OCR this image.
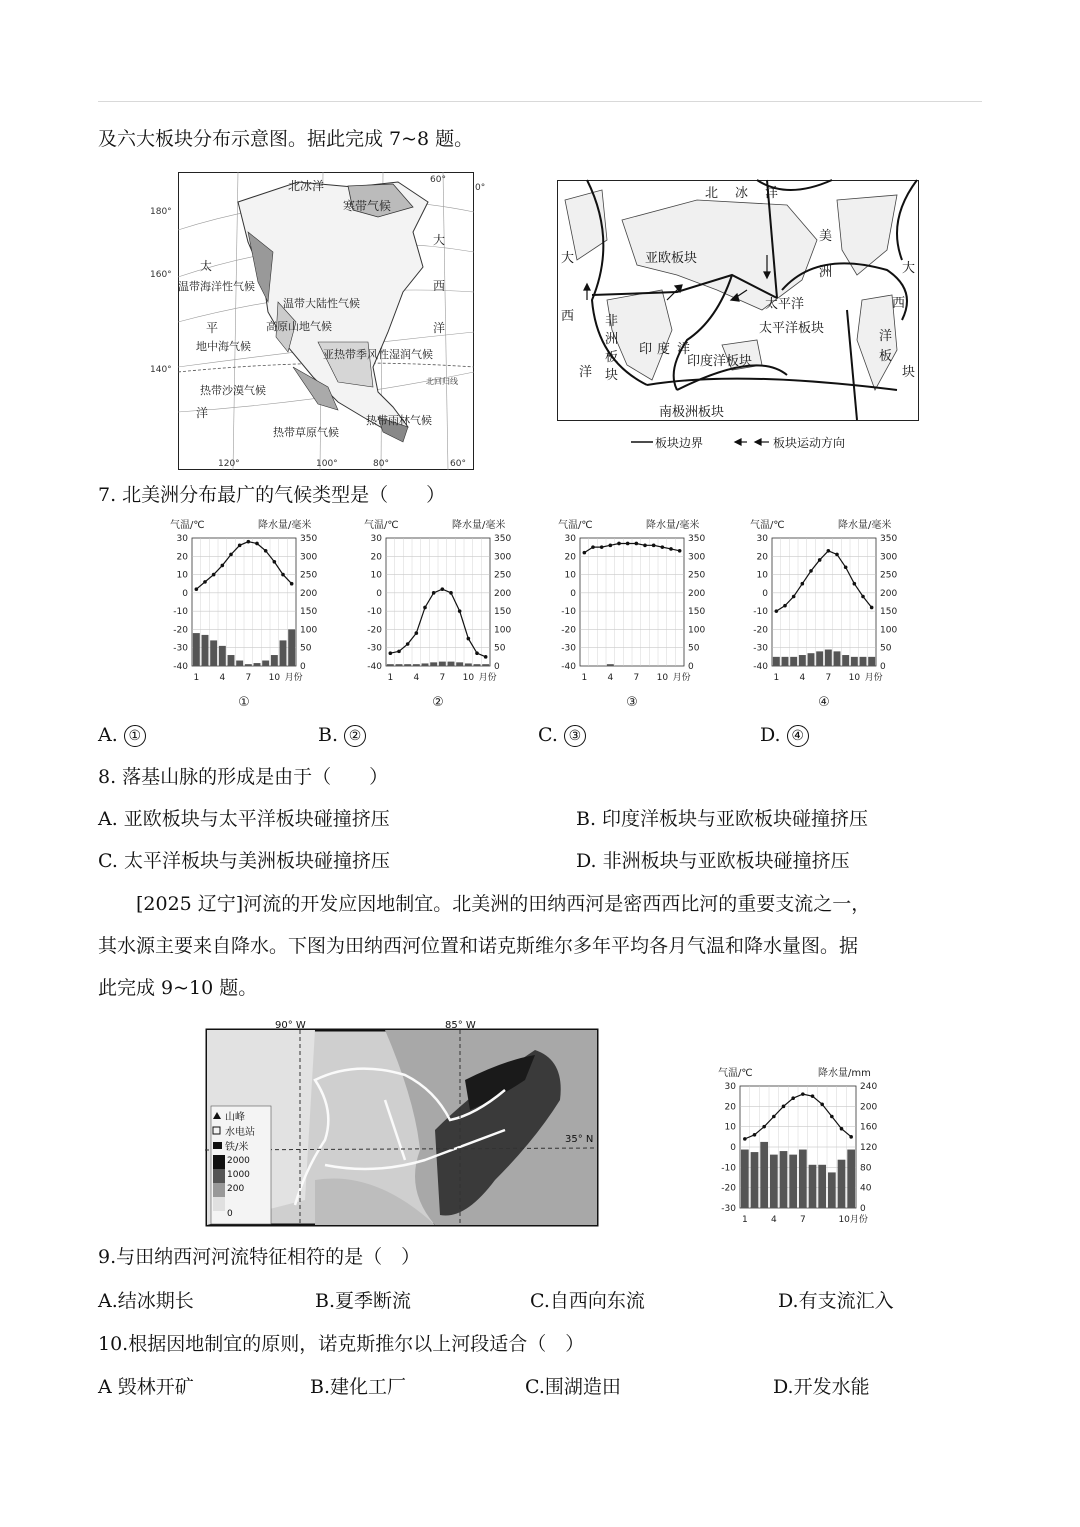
及六大板块分布示意图。据此完成 7~8 题。
60°
0°
180°
160°
140°
120°	100°	80°	60°
北回归线
北冰洋
寒带气候
大
西
洋
太
平
洋
温带海洋性气候
温带大陆性气候
高原山地气候
地中海气候
亚热带季风性湿润气候
热带沙漠气候
热带草原气候
热带雨林气候
北 冰 洋
大
西
洋
亚欧板块
非
洲
板
块
印 度 洋
印度洋板块
太平洋
太平洋板块
美
洲	大
西
洋
板
块
南极洲板块
板块边界	板块运动方向
7. 北美洲分布最广的气候类型是（　　）
气温/℃	降水量/毫米
30
20
10
0
-10
-20
-30
-40
350
300
250
200
150
100
50
0
1 4 7 10 月份
①
气温/℃	降水量/毫米
30
20
10
0
-10
-20
-30
-40
350
300
250
200
150
100
50
0
1 4 7 10 月份
②
气温/℃	降水量/毫米
30
20
10
0
-10
-20
-30
-40
350
300
250
200
150
100
50
0
1 4 7 10 月份
③
气温/℃	降水量/毫米
30
20
10
0
-10
-20
-30
-40
350
300
250
200
150
100
50
0
1 4 7 10 月份
④
A. ①	B. ②	C. ③	D. ④
8. 落基山脉的形成是由于（　　）
A. 亚欧板块与太平洋板块碰撞挤压	B. 印度洋板块与亚欧板块碰撞挤压
C. 太平洋板块与美洲板块碰撞挤压	D. 非洲板块与亚欧板块碰撞挤压
[2025 辽宁]河流的开发应因地制宜。北美洲的田纳西河是密西西比河的重要支流之一，
其水源主要来自降水。下图为田纳西河位置和诺克斯维尔多年平均各月气温和降水量图。据
此完成 9~10 题。
90° W	85° W
35° N
山峰
水电站
铁/米
2000
1000
200
0
气温/℃	降水量/mm
30
20
10
0
-10
-20
-30
240
200
160
120
80
40
0
1	4	7	10月份
9.与田纳西河河流特征相符的是（　）
A.结冰期长	B.夏季断流	C.自西向东流	D.有支流汇入
10.根据因地制宜的原则，诺克斯推尔以上河段适合（　）
A 毁林开矿	B.建化工厂	C.围湖造田	D.开发水能
